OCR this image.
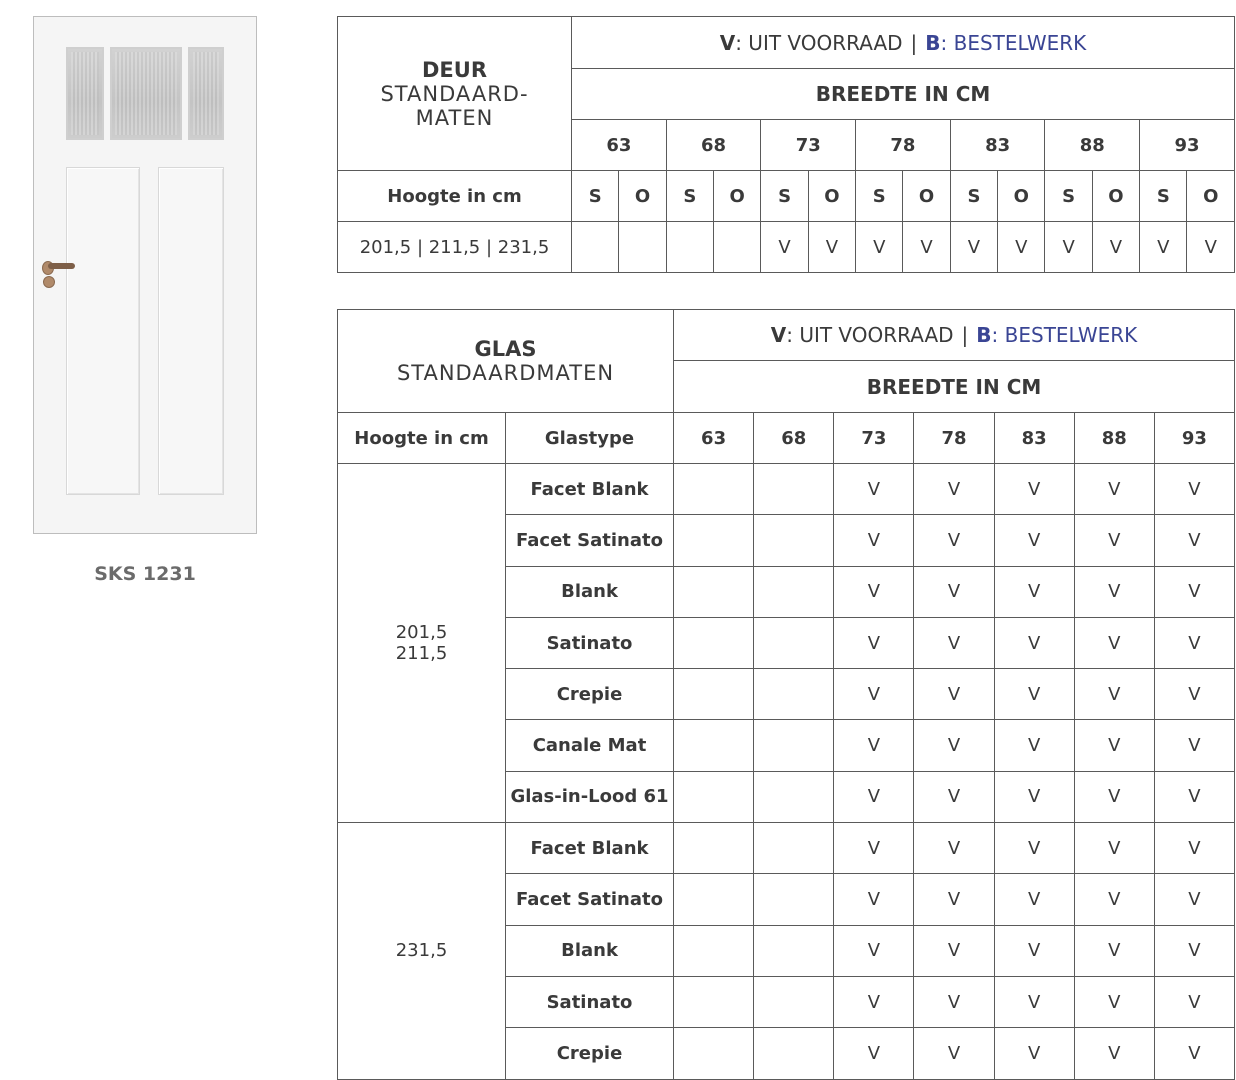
SKS 1231
DEUR
STANDAARD-
MATEN	V: UIT VOORRAAD | B: BESTELWERK													
	BREEDTE IN CM													
	63		68		73		78		83		88		93	
Hoogte in cm	S	O	S	O	S	O	S	O	S	O	S	O	S	O
201,5 | 211,5 | 231,5					V	V	V	V	V	V	V	V	V	V
GLAS
STANDAARDMATEN		V: UIT VOORRAAD | B: BESTELWERK						
		BREEDTE IN CM						
Hoogte in cm	Glastype	63	68	73	78	83	88	93

201,5
211,5	Facet Blank			V	V	V	V	V
	Facet Satinato			V	V	V	V	V
	Blank			V	V	V	V	V
	Satinato			V	V	V	V	V
	Crepie			V	V	V	V	V
	Canale Mat			V	V	V	V	V
	Glas-in-Lood 61			V	V	V	V	V

231,5	Facet Blank			V	V	V	V	V
	Facet Satinato			V	V	V	V	V
	Blank			V	V	V	V	V
	Satinato			V	V	V	V	V
	Crepie			V	V	V	V	V
